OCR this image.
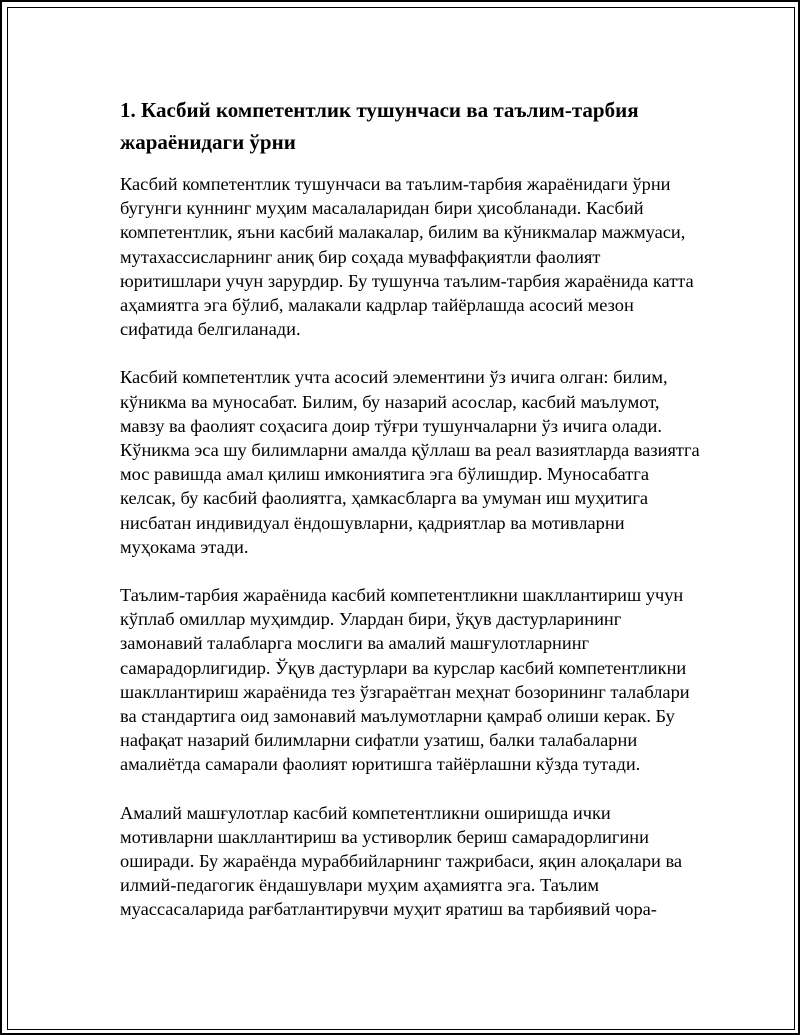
1. Касбий компетентлик тушунчаси ва таълим-тарбия жараёнидаги ўрни

Касбий компетентлик тушунчаси ва таълим-тарбия жараёнидаги ўрни бугунги куннинг муҳим масалаларидан бири ҳисобланади. Касбий компетентлик, яъни касбий малакалар, билим ва кўникмалар мажмуаси, мутахассисларнинг аниқ бир соҳада муваффақиятли фаолият юритишлари учун зарурдир. Бу тушунча таълим-тарбия жараёнида катта аҳамиятга эга бўлиб, малакали кадрлар тайёрлашда асосий мезон сифатида белгиланади.

Касбий компетентлик учта асосий элементини ўз ичига олган: билим, кўникма ва муносабат. Билим, бу назарий асослар, касбий маълумот, мавзу ва фаолият соҳасига доир тўғри тушунчаларни ўз ичига олади. Кўникма эса шу билимларни амалда қўллаш ва реал вазиятларда вазиятга мос равишда амал қилиш имкониятига эга бўлишдир. Муносабатга келсак, бу касбий фаолиятга, ҳамкасбларга ва умуман иш муҳитига нисбатан индивидуал ёндошувларни, қадриятлар ва мотивларни муҳокама этади.

Таълим-тарбия жараёнида касбий компетентликни шакллантириш учун кўплаб омиллар муҳимдир. Улардан бири, ўқув дастурларининг замонавий талабларга мослиги ва амалий машғулотларнинг самарадорлигидир. Ўқув дастурлари ва курслар касбий компетентликни шакллантириш жараёнида тез ўзгараётган меҳнат бозорининг талаблари ва стандартига оид замонавий маълумотларни қамраб олиши керак. Бу нафақат назарий билимларни сифатли узатиш, балки талабаларни амалиётда самарали фаолият юритишга тайёрлашни кўзда тутади.

Амалий машғулотлар касбий компетентликни оширишда ички мотивларни шакллантириш ва устиворлик бериш самарадорлигини оширади. Бу жараёнда мураббийларнинг тажрибаси, яқин алоқалари ва илмий-педагогик ёндашувлари муҳим аҳамиятга эга. Таълим муассасаларида рағбатлантирувчи муҳит яратиш ва тарбиявий чора-
